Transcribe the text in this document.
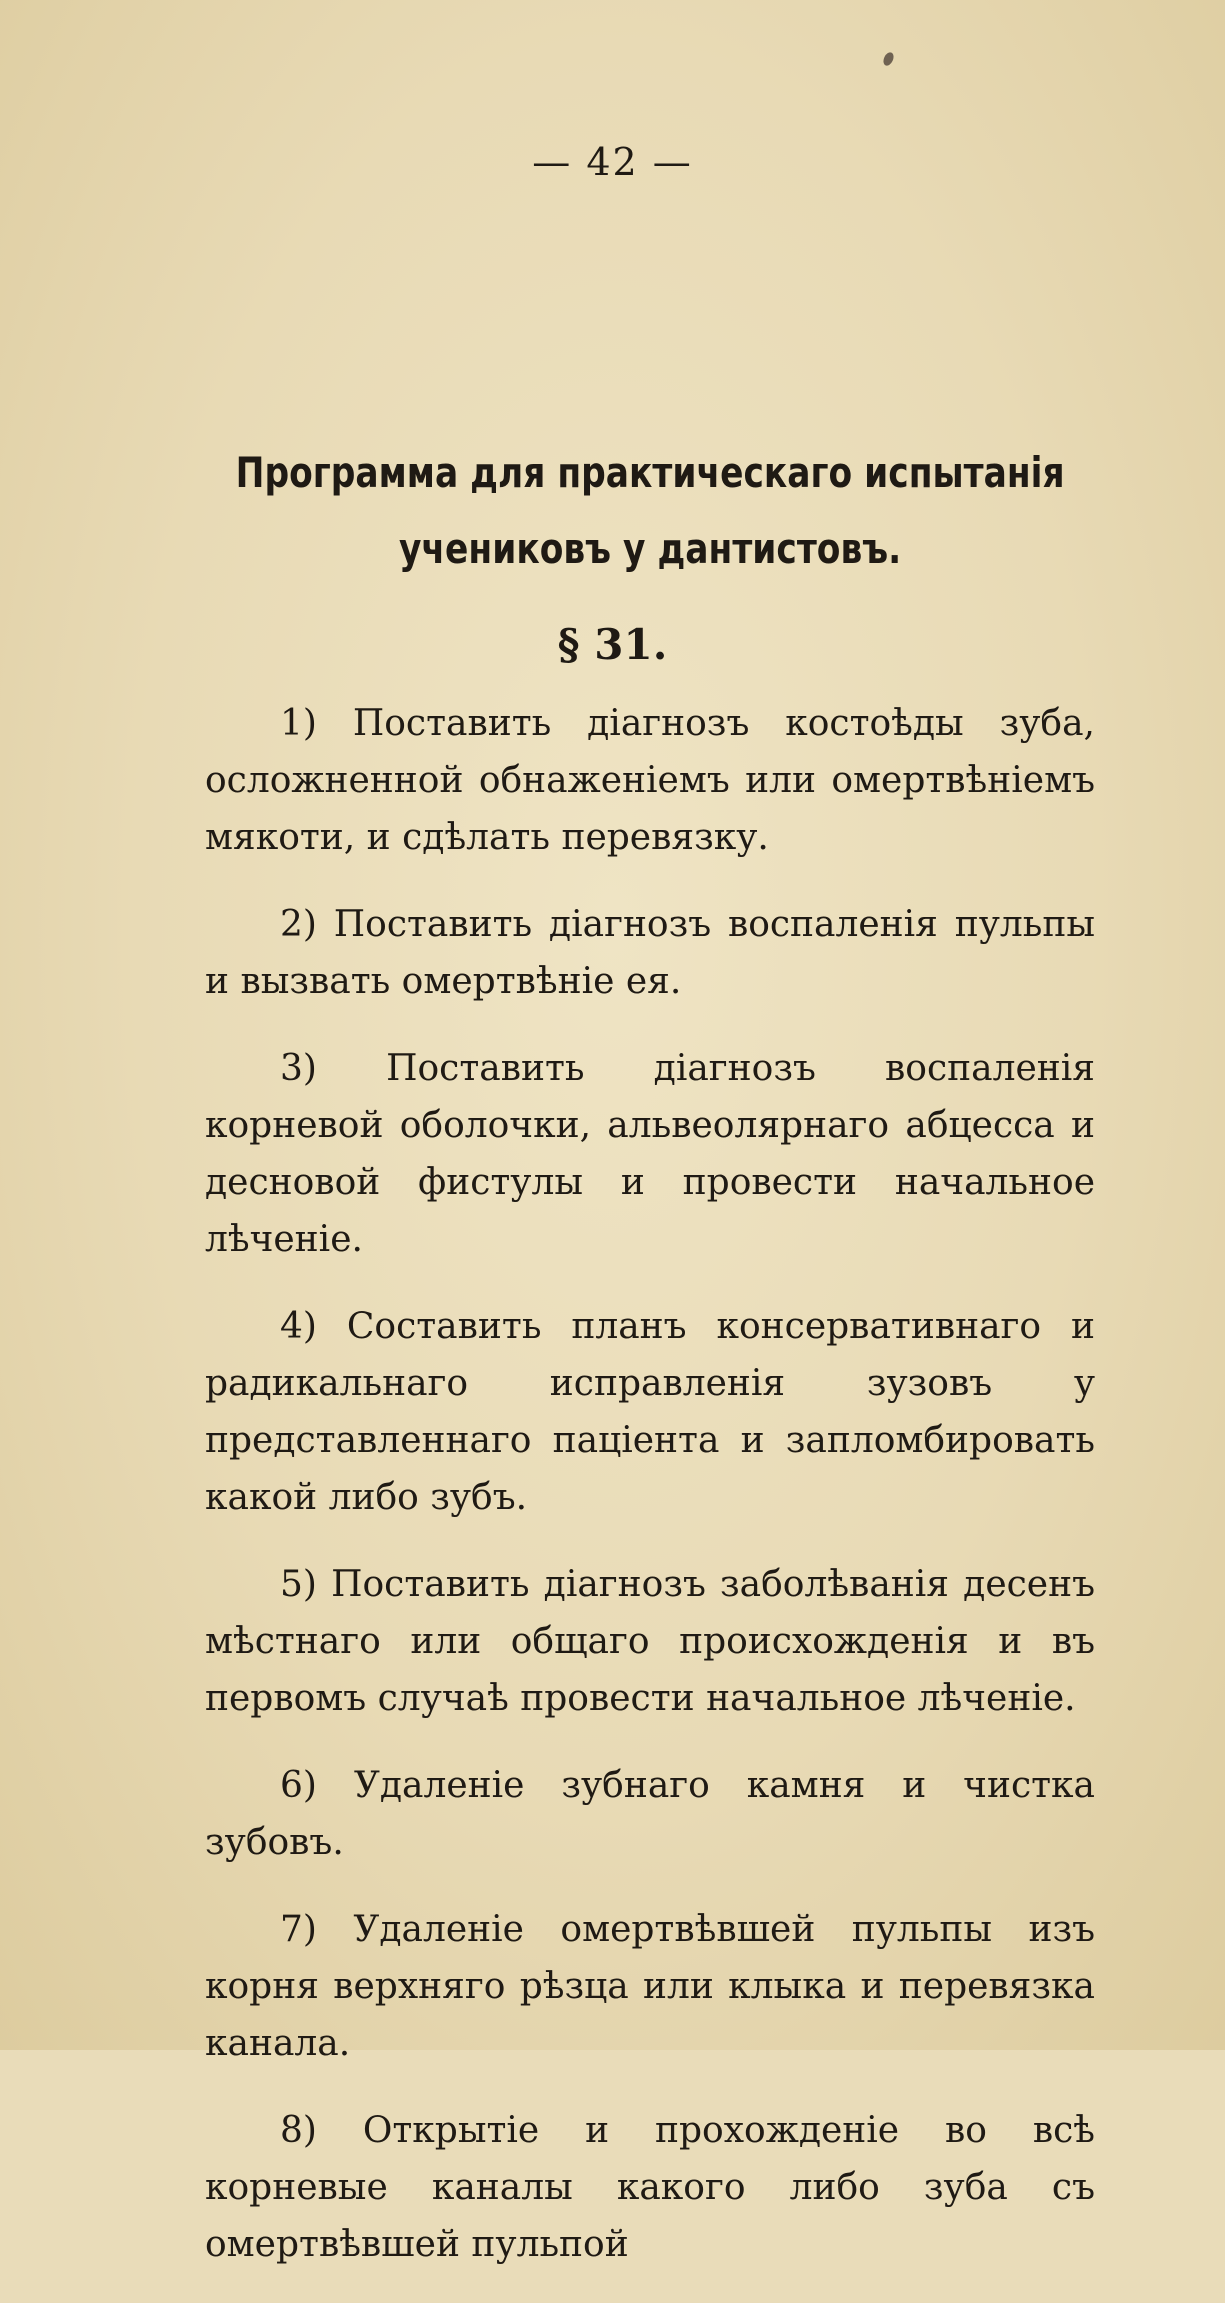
— 42 —
Программа для практическаго испытанія учениковъ у дантистовъ.
§ 31.

1) Поставить діагнозъ костоѣды зуба, осложненной обнаженіемъ или омертвѣніемъ мякоти, и сдѣлать перевязку.

2) Поставить діагнозъ воспаленія пульпы и вызвать омертвѣніе ея.

3) Поставить діагнозъ воспаленія корневой оболочки, альвеолярнаго абцесса и десновой фистулы и провести начальное лѣченіе.

4) Составить планъ консервативнаго и радикальнаго исправленія зузовъ у представленнаго паціента и запломбировать какой либо зубъ.

5) Поставить діагнозъ заболѣванія десенъ мѣстнаго или общаго происхожденія и въ первомъ случаѣ провести начальное лѣченіе.

6) Удаленіе зубнаго камня и чистка зубовъ.

7) Удаленіе омертвѣвшей пульпы изъ корня верхняго рѣзца или клыка и перевязка канала.

8) Открытіе и прохожденіе во всѣ корневые каналы какого либо зуба съ омертвѣвшей пульпой
